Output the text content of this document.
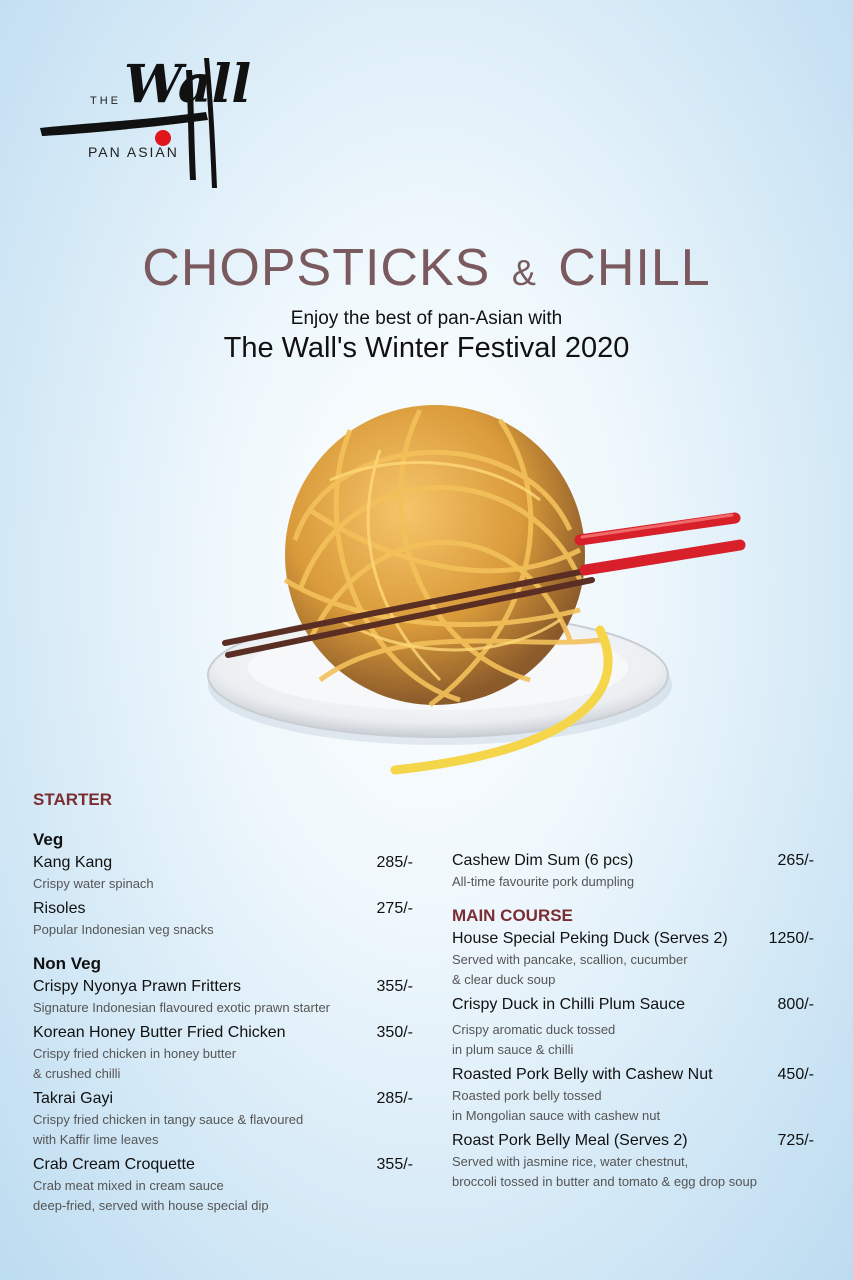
THE Wall
PAN ASIAN
CHOPSTICKS & CHILL
Enjoy the best of pan-Asian with
The Wall's Winter Festival 2020
STARTER
Veg
Kang Kang	285/-
Crispy water spinach
Risoles	275/-
Popular Indonesian veg snacks
Non Veg
Crispy Nyonya Prawn Fritters	355/-
Signature Indonesian flavoured exotic prawn starter
Korean Honey Butter Fried Chicken	350/-
Crispy fried chicken in honey butter
& crushed chilli
Takrai Gayi	285/-
Crispy fried chicken in tangy sauce & flavoured
with Kaffir lime leaves
Crab Cream Croquette	355/-
Crab meat mixed in cream sauce
deep-fried, served with house special dip
Cashew Dim Sum (6 pcs)	265/-
All-time favourite pork dumpling
MAIN COURSE
House Special Peking Duck (Serves 2)	1250/-
Served with pancake, scallion, cucumber
& clear duck soup
Crispy Duck in Chilli Plum Sauce	800/-
Crispy aromatic duck tossed
in plum sauce & chilli
Roasted Pork Belly with Cashew Nut	450/-
Roasted pork belly tossed
in Mongolian sauce with cashew nut
Roast Pork Belly Meal (Serves 2)	725/-
Served with jasmine rice, water chestnut,
broccoli tossed in butter and tomato & egg drop soup
